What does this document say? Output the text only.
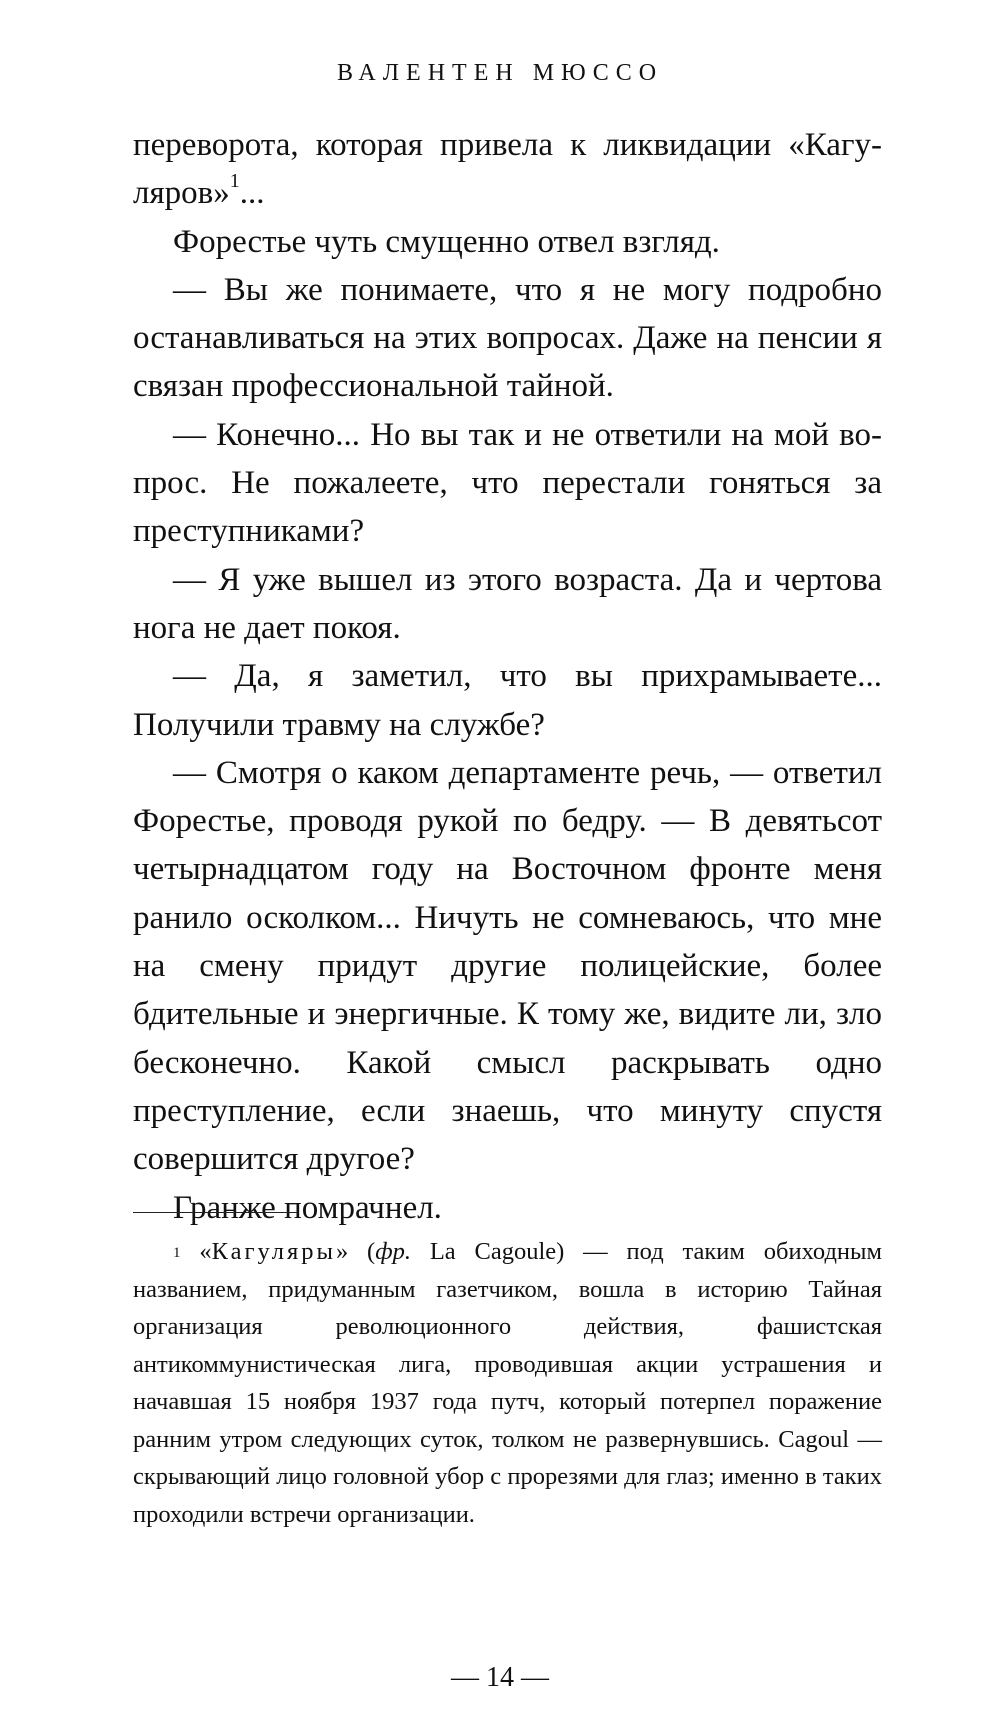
ВАЛЕНТЕН МЮССО

переворота, которая привела к ликвидации «Кагуляров»$^1$...

Форестье чуть смущенно отвел взгляд.

— Вы же понимаете, что я не могу подробно останавливаться на этих вопросах. Даже на пенсии я связан профессиональной тайной.

— Конечно... Но вы так и не ответили на мой вопрос. Не пожалеете, что перестали гоняться за преступниками?

— Я уже вышел из этого возраста. Да и чертова нога не дает покоя.

— Да, я заметил, что вы прихрамываете... Получили травму на службе?

— Смотря о каком департаменте речь, — ответил Форестье, проводя рукой по бедру. — В девятьсот четырнадцатом году на Восточном фронте меня ранило осколком... Ничуть не сомневаюсь, что мне на смену придут другие полицейские, более бдительные и энергичные. К тому же, видите ли, зло бесконечно. Какой смысл раскрывать одно преступление, если знаешь, что минуту спустя совершится другое?

Гранже помрачнел.

$^1$ «Кагуляры» (фр. La Cagoule) — под таким обиходным названием, придуманным газетчиком, вошла в историю Тайная организация революционного действия, фашистская антикоммунистическая лига, проводившая акции устрашения и начавшая 15 ноября 1937 года путч, который потерпел поражение ранним утром следующих суток, толком не развернувшись. Cagoul — скрывающий лицо головной убор с прорезями для глаз; именно в таких проходили встречи организации.

— 14 —
